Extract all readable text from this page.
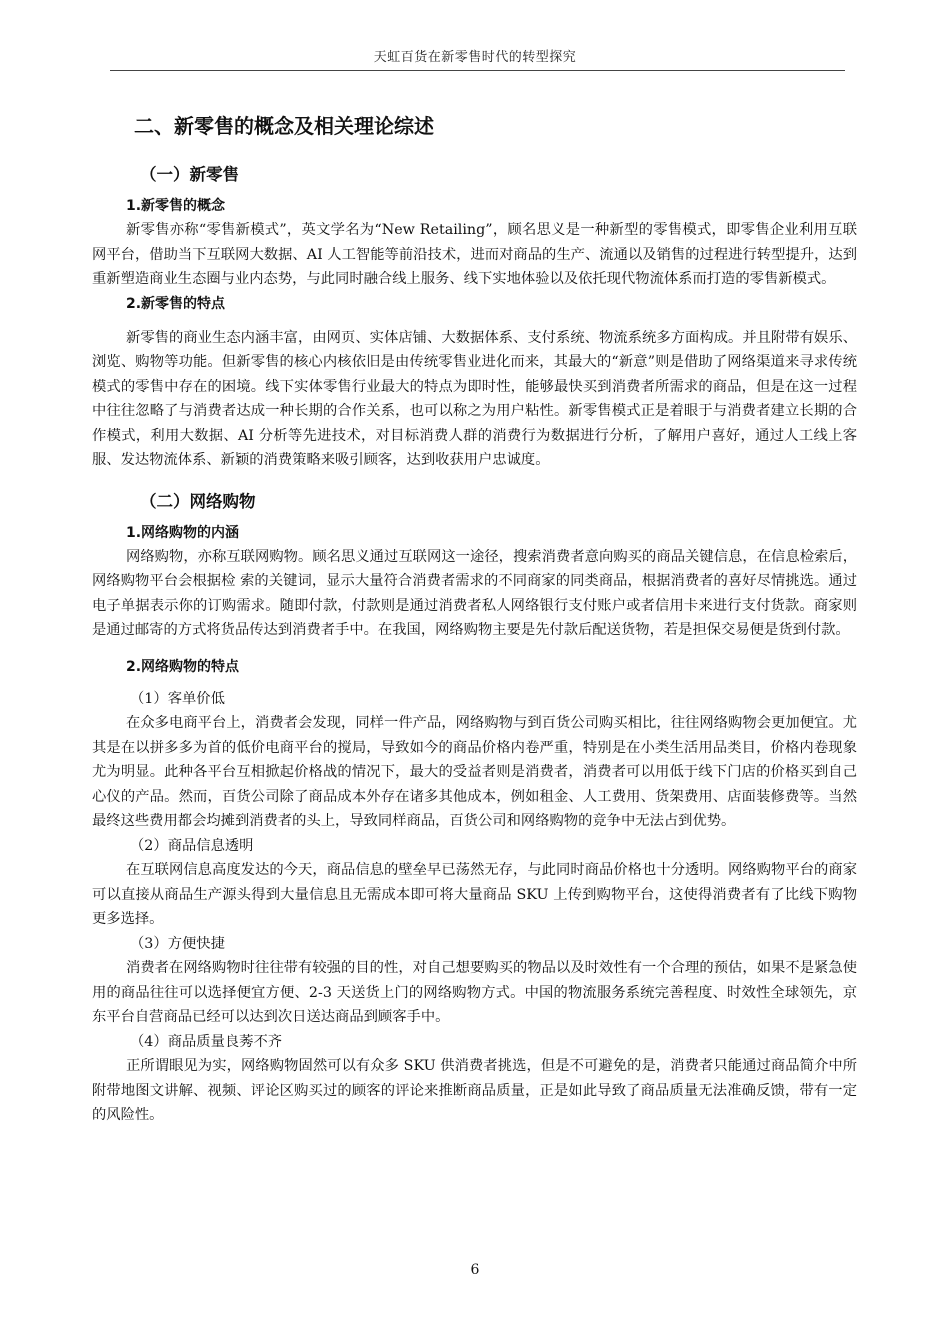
天虹百货在新零售时代的转型探究
二、新零售的概念及相关理论综述
（一）新零售
1.新零售的概念

新零售亦称“零售新模式”，英文学名为“New Retailing”，顾名思义是一种新型的零售模式，即零售企业利用互联网平台，借助当下互联网大数据、AI 人工智能等前沿技术，进而对商品的生产、流通以及销售的过程进行转型提升，达到重新塑造商业生态圈与业内态势，与此同时融合线上服务、线下实地体验以及依托现代物流体系而打造的零售新模式。

2.新零售的特点

新零售的商业生态内涵丰富，由网页、实体店铺、大数据体系、支付系统、物流系统多方面构成。并且附带有娱乐、浏览、购物等功能。但新零售的核心内核依旧是由传统零售业进化而来，其最大的“新意”则是借助了网络渠道来寻求传统模式的零售中存在的困境。线下实体零售行业最大的特点为即时性，能够最快买到消费者所需求的商品，但是在这一过程中往往忽略了与消费者达成一种长期的合作关系，也可以称之为用户粘性。新零售模式正是着眼于与消费者建立长期的合作模式，利用大数据、AI 分析等先进技术，对目标消费人群的消费行为数据进行分析，了解用户喜好，通过人工线上客服、发达物流体系、新颖的消费策略来吸引顾客，达到收获用户忠诚度。

（二）网络购物
1.网络购物的内涵

网络购物，亦称互联网购物。顾名思义通过互联网这一途径，搜索消费者意向购买的商品关键信息，在信息检索后，网络购物平台会根据检 索的关键词，显示大量符合消费者需求的不同商家的同类商品，根据消费者的喜好尽情挑选。通过电子单据表示你的订购需求。随即付款，付款则是通过消费者私人网络银行支付账户或者信用卡来进行支付货款。商家则是通过邮寄的方式将货品传达到消费者手中。在我国，网络购物主要是先付款后配送货物，若是担保交易便是货到付款。

2.网络购物的特点
（1）客单价低

在众多电商平台上，消费者会发现，同样一件产品，网络购物与到百货公司购买相比，往往网络购物会更加便宜。尤其是在以拼多多为首的低价电商平台的搅局，导致如今的商品价格内卷严重，特别是在小类生活用品类目，价格内卷现象尤为明显。此种各平台互相掀起价格战的情况下，最大的受益者则是消费者，消费者可以用低于线下门店的价格买到自己心仪的产品。然而，百货公司除了商品成本外存在诸多其他成本，例如租金、人工费用、货架费用、店面装修费等。当然最终这些费用都会均摊到消费者的头上，导致同样商品，百货公司和网络购物的竞争中无法占到优势。

（2）商品信息透明

在互联网信息高度发达的今天，商品信息的壁垒早已荡然无存，与此同时商品价格也十分透明。网络购物平台的商家可以直接从商品生产源头得到大量信息且无需成本即可将大量商品 SKU 上传到购物平台，这使得消费者有了比线下购物更多选择。

（3）方便快捷

消费者在网络购物时往往带有较强的目的性，对自己想要购买的物品以及时效性有一个合理的预估，如果不是紧急使用的商品往往可以选择便宜方便、2-3 天送货上门的网络购物方式。中国的物流服务系统完善程度、时效性全球领先，京东平台自营商品已经可以达到次日送达商品到顾客手中。

（4）商品质量良莠不齐

正所谓眼见为实，网络购物固然可以有众多 SKU 供消费者挑选，但是不可避免的是，消费者只能通过商品简介中所附带地图文讲解、视频、评论区购买过的顾客的评论来推断商品质量，正是如此导致了商品质量无法准确反馈，带有一定的风险性。

6
